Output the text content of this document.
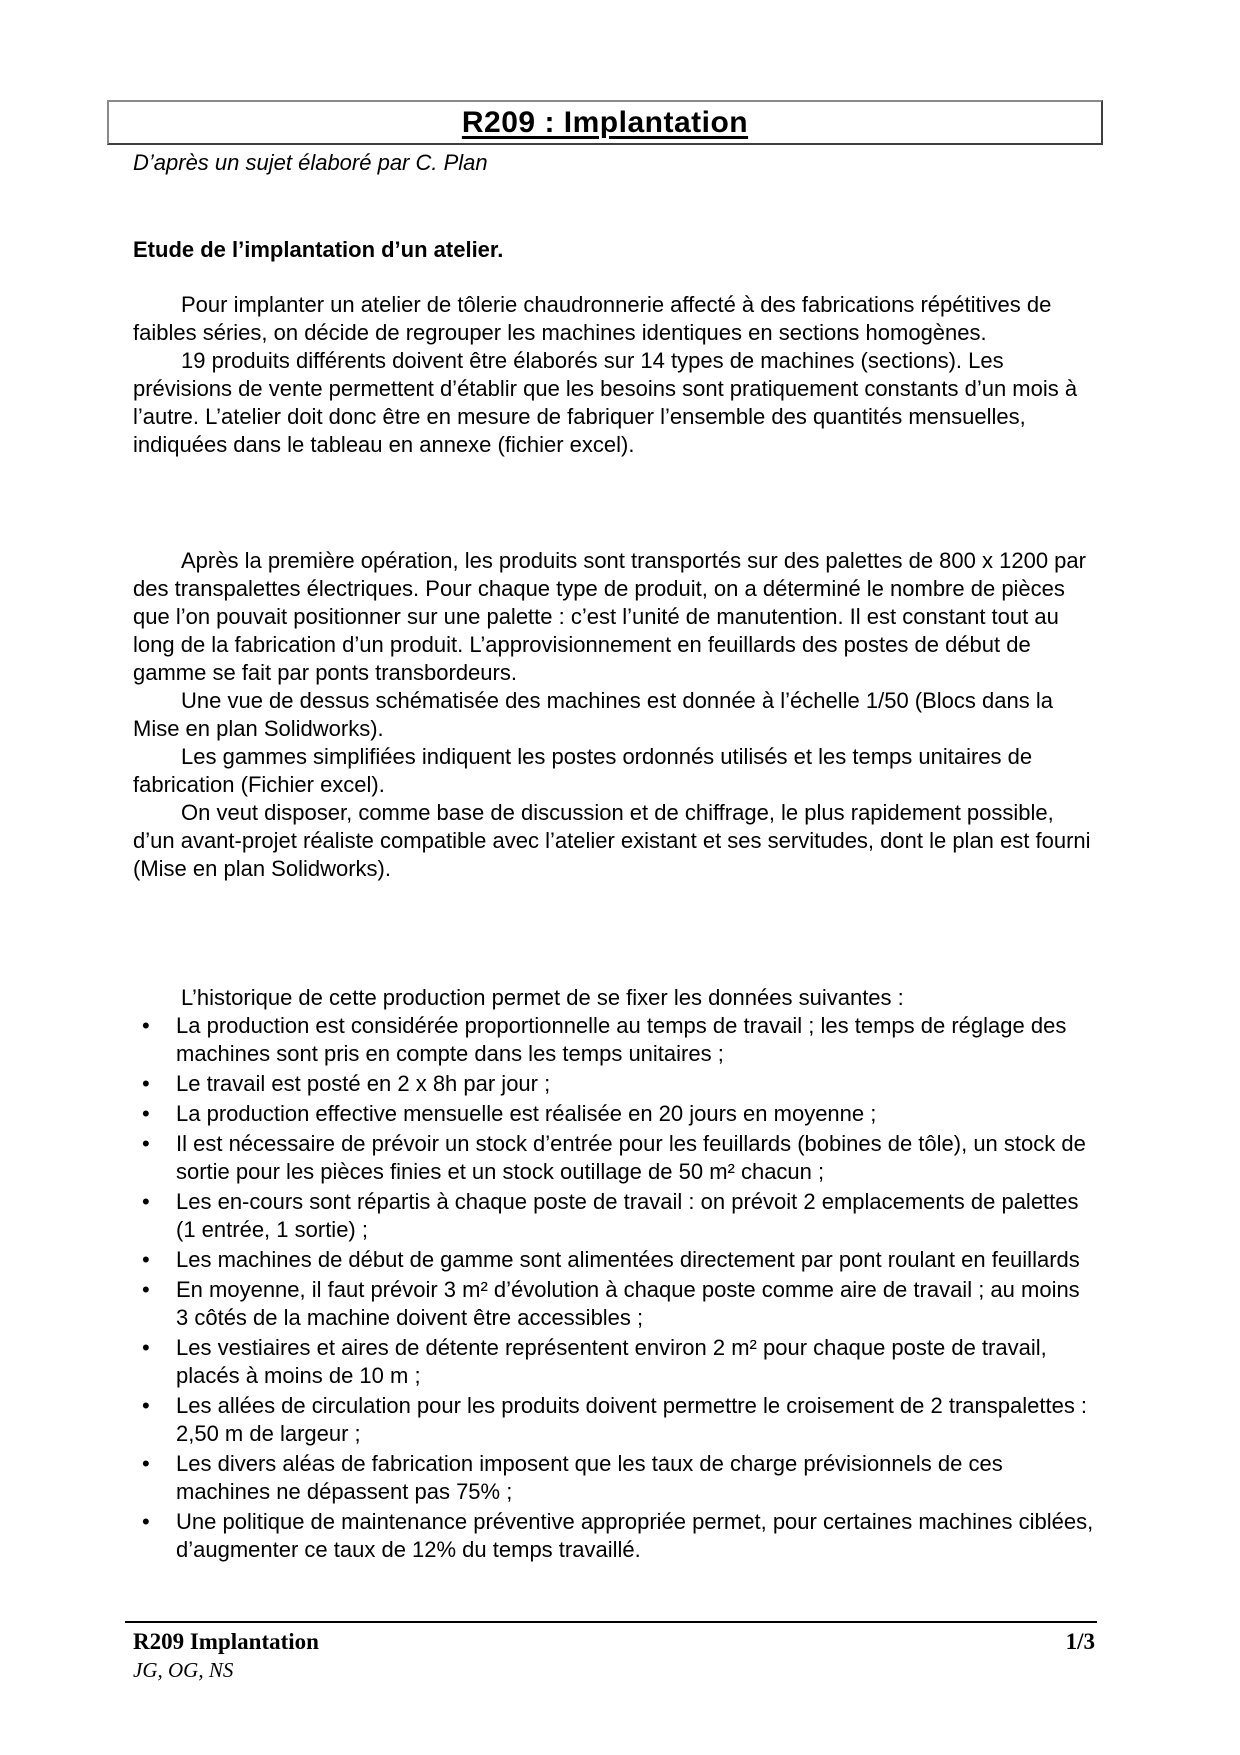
R209 : Implantation
D’après un sujet élaboré par C. Plan
Etude de l’implantation d’un atelier.

Pour implanter un atelier de tôlerie chaudronnerie affecté à des fabrications répétitives de faibles séries, on décide de regrouper les machines identiques en sections homogènes.

19 produits différents doivent être élaborés sur 14 types de machines (sections). Les prévisions de vente permettent d’établir que les besoins sont pratiquement constants d’un mois à l’autre. L’atelier doit donc être en mesure de fabriquer l’ensemble des quantités mensuelles, indiquées dans le tableau en annexe (fichier excel).

Après la première opération, les produits sont transportés sur des palettes de 800 x 1200 par des transpalettes électriques. Pour chaque type de produit, on a déterminé le nombre de pièces que l’on pouvait positionner sur une palette : c’est l’unité de manutention. Il est constant tout au long de la fabrication d’un produit. L’approvisionnement en feuillards des postes de début de gamme se fait par ponts transbordeurs.

Une vue de dessus schématisée des machines est donnée à l’échelle 1/50 (Blocs dans la Mise en plan Solidworks).

Les gammes simplifiées indiquent les postes ordonnés utilisés et les temps unitaires de fabrication (Fichier excel).

On veut disposer, comme base de discussion et de chiffrage, le plus rapidement possible, d’un avant-projet réaliste compatible avec l’atelier existant et ses servitudes, dont le plan est fourni (Mise en plan Solidworks).

L’historique de cette production permet de se fixer les données suivantes :

• La production est considérée proportionnelle au temps de travail ; les temps de réglage des machines sont pris en compte dans les temps unitaires ;
• Le travail est posté en 2 x 8h par jour ;
• La production effective mensuelle est réalisée en 20 jours en moyenne ;
• Il est nécessaire de prévoir un stock d’entrée pour les feuillards (bobines de tôle), un stock de sortie pour les pièces finies et un stock outillage de 50 m² chacun ;
• Les en-cours sont répartis à chaque poste de travail : on prévoit 2 emplacements de palettes (1 entrée, 1 sortie) ;
• Les machines de début de gamme sont alimentées directement par pont roulant en feuillards
• En moyenne, il faut prévoir 3 m² d’évolution à chaque poste comme aire de travail ; au moins 3 côtés de la machine doivent être accessibles ;
• Les vestiaires et aires de détente représentent environ 2 m² pour chaque poste de travail, placés à moins de 10 m ;
• Les allées de circulation pour les produits doivent permettre le croisement de 2 transpalettes : 2,50 m de largeur ;
• Les divers aléas de fabrication imposent que les taux de charge prévisionnels de ces machines ne dépassent pas 75% ;
• Une politique de maintenance préventive appropriée permet, pour certaines machines ciblées, d’augmenter ce taux de 12% du temps travaillé.
R209 Implantation
JG, OG, NS
1/3
